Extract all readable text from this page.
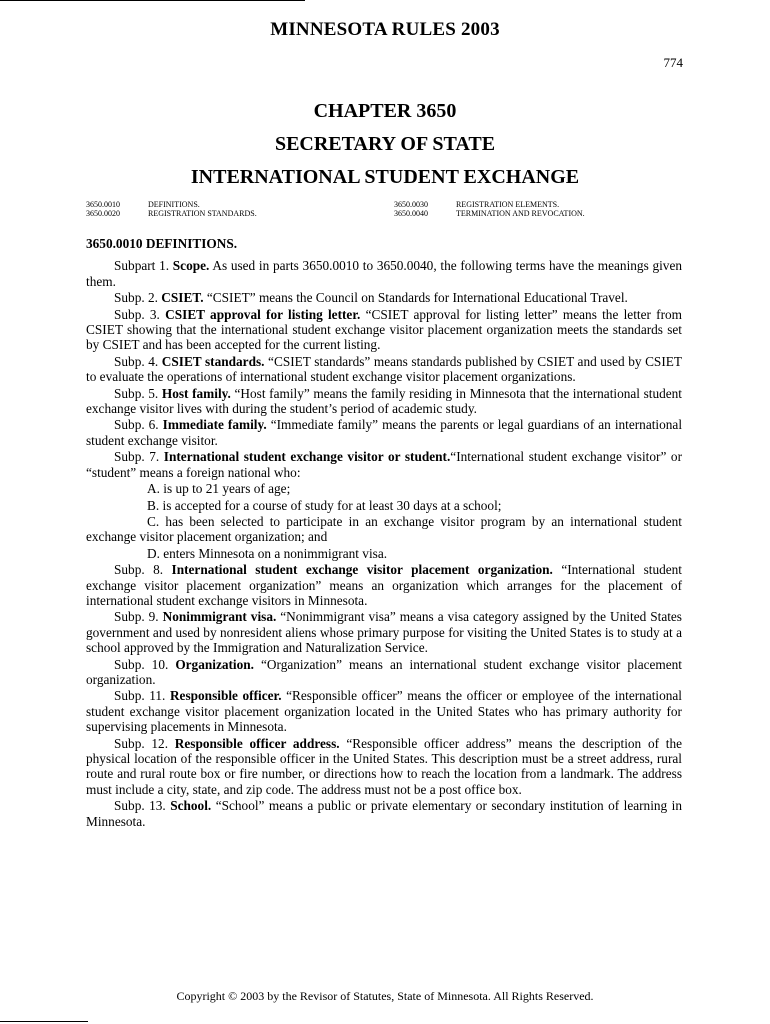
MINNESOTA RULES 2003
774
CHAPTER 3650
SECRETARY OF STATE
INTERNATIONAL STUDENT EXCHANGE
3650.0010	DEFINITIONS.
3650.0020	REGISTRATION STANDARDS.
3650.0030	REGISTRATION ELEMENTS.
3650.0040	TERMINATION AND REVOCATION.
3650.0010 DEFINITIONS.

Subpart 1. Scope. As used in parts 3650.0010 to 3650.0040, the following terms have the meanings given them.

Subp. 2. CSIET. “CSIET” means the Council on Standards for International Educational Travel.

Subp. 3. CSIET approval for listing letter. “CSIET approval for listing letter” means the letter from CSIET showing that the international student exchange visitor placement organization meets the standards set by CSIET and has been accepted for the current listing.

Subp. 4. CSIET standards. “CSIET standards” means standards published by CSIET and used by CSIET to evaluate the operations of international student exchange visitor placement organizations.

Subp. 5. Host family. “Host family” means the family residing in Minnesota that the international student exchange visitor lives with during the student’s period of academic study.

Subp. 6. Immediate family. “Immediate family” means the parents or legal guardians of an international student exchange visitor.

Subp. 7. International student exchange visitor or student.“International student exchange visitor” or “student” means a foreign national who:

A. is up to 21 years of age;

B. is accepted for a course of study for at least 30 days at a school;

C. has been selected to participate in an exchange visitor program by an international student exchange visitor placement organization; and

D. enters Minnesota on a nonimmigrant visa.

Subp. 8. International student exchange visitor placement organization. “International student exchange visitor placement organization” means an organization which arranges for the placement of international student exchange visitors in Minnesota.

Subp. 9. Nonimmigrant visa. “Nonimmigrant visa” means a visa category assigned by the United States government and used by nonresident aliens whose primary purpose for visiting the United States is to study at a school approved by the Immigration and Naturalization Service.

Subp. 10. Organization. “Organization” means an international student exchange visitor placement organization.

Subp. 11. Responsible officer. “Responsible officer” means the officer or employee of the international student exchange visitor placement organization located in the United States who has primary authority for supervising placements in Minnesota.

Subp. 12. Responsible officer address. “Responsible officer address” means the description of the physical location of the responsible officer in the United States. This description must be a street address, rural route and rural route box or fire number, or directions how to reach the location from a landmark. The address must include a city, state, and zip code. The address must not be a post office box.

Subp. 13. School. “School” means a public or private elementary or secondary institution of learning in Minnesota.

Copyright © 2003 by the Revisor of Statutes, State of Minnesota. All Rights Reserved.
